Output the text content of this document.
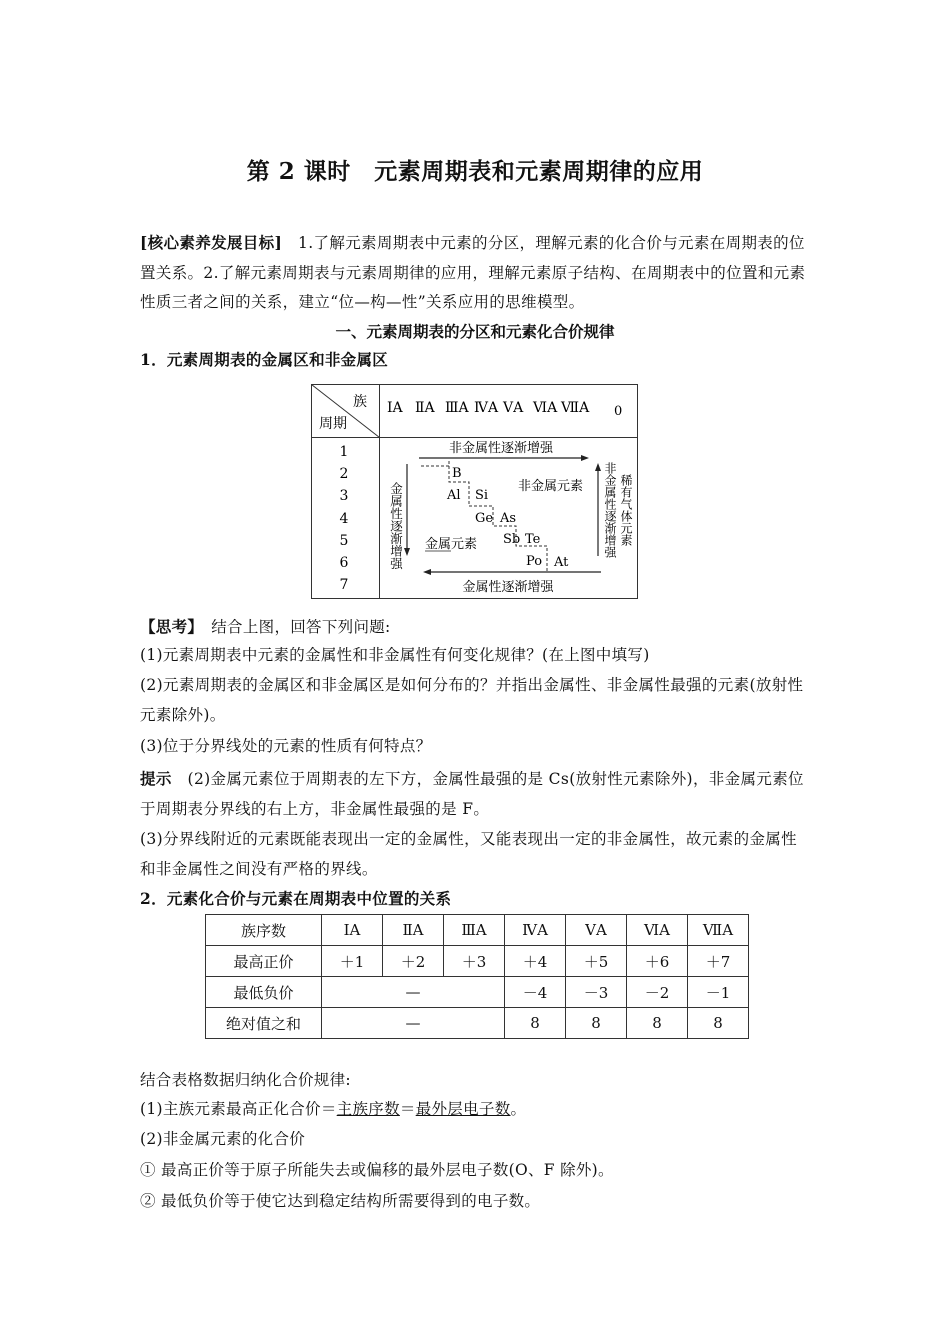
第 2 课时　元素周期表和元素周期律的应用
[核心素养发展目标]　1.了解元素周期表中元素的分区，理解元素的化合价与元素在周期表的位置关系。2.了解元素周期表与元素周期律的应用，理解元素原子结构、在周期表中的位置和元素性质三者之间的关系，建立“位—构—性”关系应用的思维模型。
一、元素周期表的分区和元素化合价规律
1．元素周期表的金属区和非金属区
族
周期
ⅠA ⅡA ⅢA ⅣA ⅤA ⅥA ⅦA 0
1
2
3
4
5
6
7
非金属性逐渐增强
金属性逐渐增强
金属性逐渐增强	非金属性逐渐增强 稀有气体元素
B
Al Si
Ge As
Sb Te
Po At
非金属元素
金属元素
【思考】　结合上图，回答下列问题:
(1)元素周期表中元素的金属性和非金属性有何变化规律？(在上图中填写)
(2)元素周期表的金属区和非金属区是如何分布的？并指出金属性、非金属性最强的元素(放射性元素除外)。
(3)位于分界线处的元素的性质有何特点？
提示　(2)金属元素位于周期表的左下方，金属性最强的是 Cs(放射性元素除外)，非金属元素位于周期表分界线的右上方，非金属性最强的是 F。
(3)分界线附近的元素既能表现出一定的金属性，又能表现出一定的非金属性，故元素的金属性和非金属性之间没有严格的界线。
2．元素化合价与元素在周期表中位置的关系
族序数	ⅠA	ⅡA	ⅢA	ⅣA	ⅤA	ⅥA	ⅦA
最高正价	＋1	＋2	＋3	＋4	＋5	＋6	＋7
最低负价	—			－4	－3	－2	－1
绝对值之和	—			8	8	8	8
结合表格数据归纳化合价规律:
(1)主族元素最高正化合价＝主族序数＝最外层电子数。
(2)非金属元素的化合价
① 最高正价等于原子所能失去或偏移的最外层电子数(O、F 除外)。
② 最低负价等于使它达到稳定结构所需要得到的电子数。
